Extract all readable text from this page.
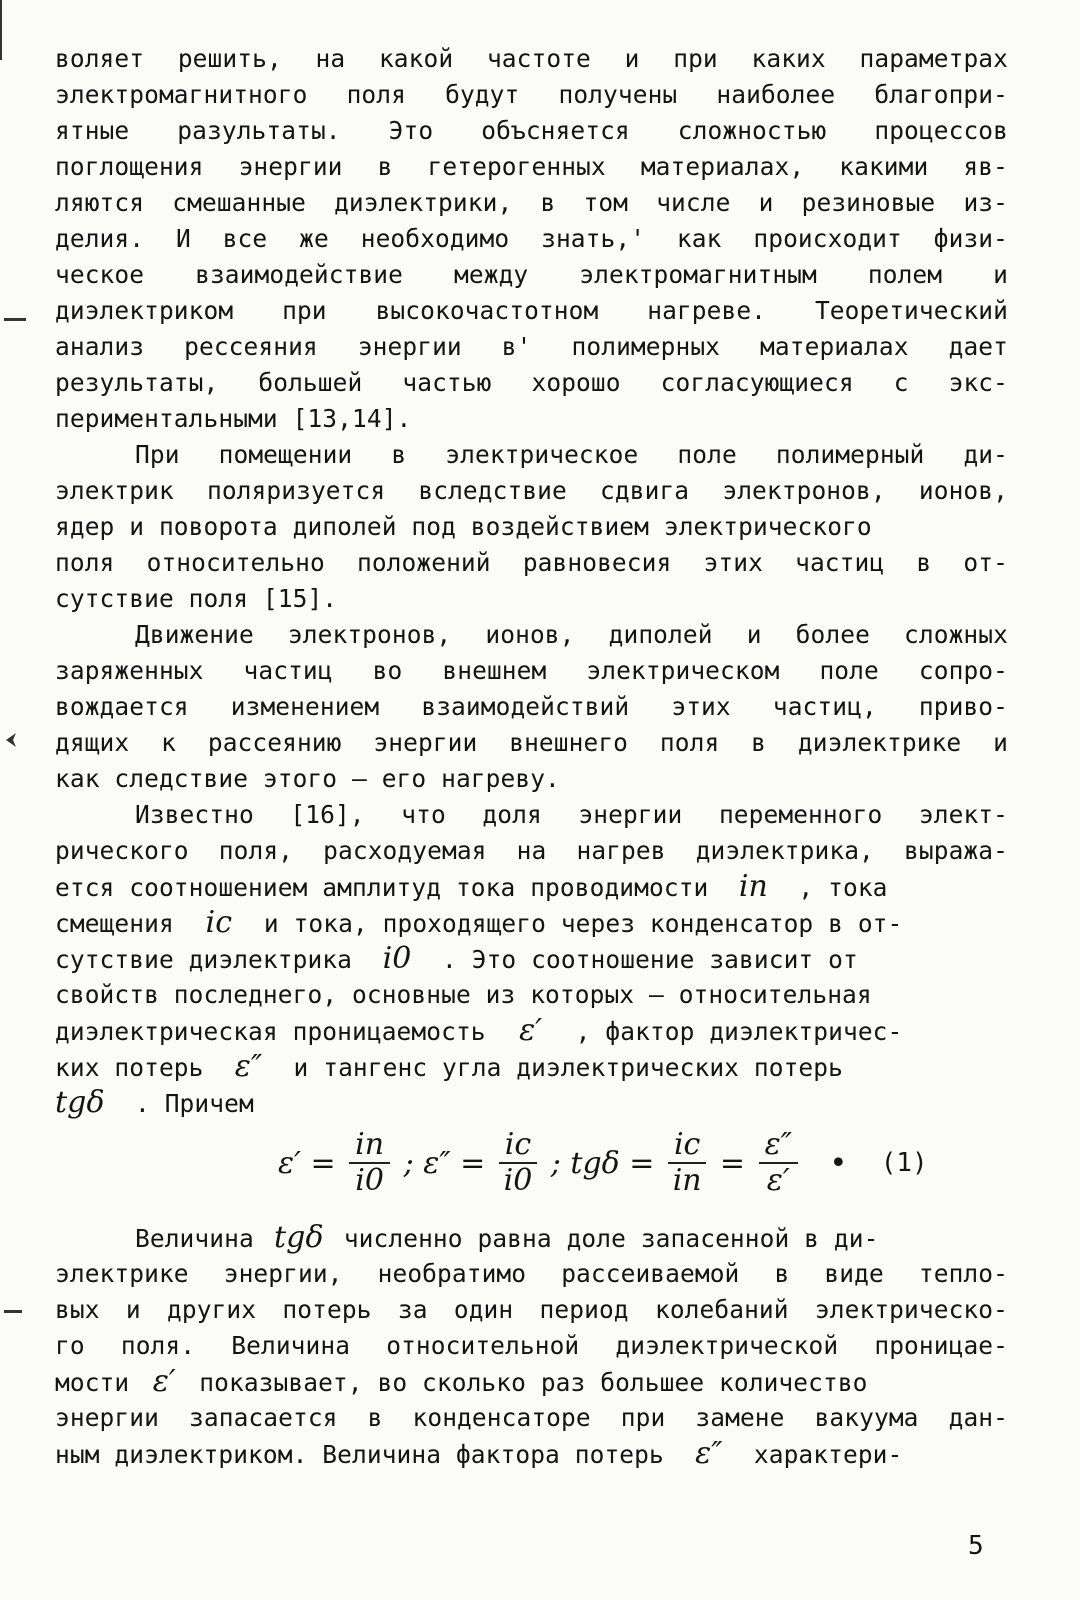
воляет решить, на какой частоте и при каких параметрах
электромагнитного поля будут получены наиболее благопри-
ятные разультаты. Это объсняется сложностью процессов
поглощения энергии в гетерогенных материалах, какими яв-
ляются смешанные диэлектрики, в том числе и резиновые из-
делия. И все же необходимо знать,' как происходит физи-
ческое взаимодействие между электромагнитным полем и
диэлектриком при высокочастотном нагреве. Теоретический
анализ рессеяния энергии в' полимерных материалах дает
результаты, большей частью хорошо согласующиеся с экс-
периментальными [13,14].
При помещении в электрическое поле полимерный ди-
электрик поляризуется вследствие сдвига электронов, ионов,
ядер и поворота диполей под воздействием электрического
поля относительно положений равновесия этих частиц в от-
сутствие поля [15].
Движение электронов, ионов, диполей и более сложных
заряженных частиц во внешнем электрическом поле сопро-
вождается изменением взаимодействий этих частиц, приво-
дящих к рассеянию энергии внешнего поля в диэлектрике и
как следствие этого – его нагреву.
Известно [16], что доля энергии переменного элект-
рического поля, расходуемая на нагрев диэлектрика, выража-
ется соотношением амплитуд тока проводимости iп , тока
смещения ic и тока, проходящего через конденсатор в от-
сутствие диэлектрика i0 . Это соотношение зависит от
свойств последнего, основные из которых – относительная
диэлектрическая проницаемость ε′ , фактор диэлектричес-
ких потерь ε″ и тангенс угла диэлектрических потерь
tgδ . Причем
$\varepsilon' = \frac{iп}{i0}$ ; $\varepsilon'' = \frac{ic}{i0}$ ; $tg\delta = \frac{ic}{iп} = \frac{\varepsilon''}{\varepsilon'}$ • (1)
Величина tgδ численно равна доле запасенной в ди-
электрике энергии, необратимо рассеиваемой в виде тепло-
вых и других потерь за один период колебаний электрическо-
го поля. Величина относительной диэлектрической проницае-
мости ε′ показывает, во сколько раз большее количество
энергии запасается в конденсаторе при замене вакуума дан-
ным диэлектриком. Величина фактора потерь ε″ характери-
5
